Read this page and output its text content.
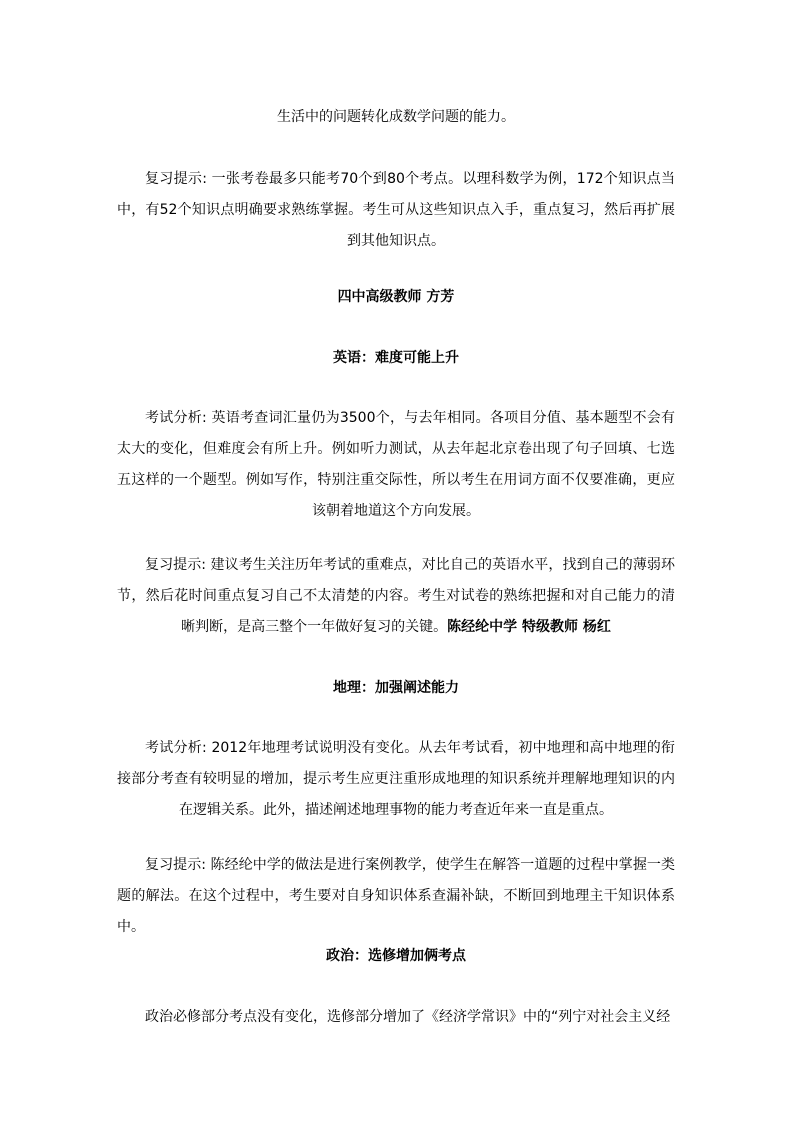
生活中的问题转化成数学问题的能力。

复习提示: 一张考卷最多只能考70个到80个考点。以理科数学为例，172个知识点当中，有52个知识点明确要求熟练掌握。考生可从这些知识点入手，重点复习，然后再扩展到其他知识点。

四中高级教师 方芳

英语：难度可能上升

考试分析: 英语考查词汇量仍为3500个，与去年相同。各项目分值、基本题型不会有太大的变化，但难度会有所上升。例如听力测试，从去年起北京卷出现了句子回填、七选五这样的一个题型。例如写作，特别注重交际性，所以考生在用词方面不仅要准确，更应该朝着地道这个方向发展。

复习提示: 建议考生关注历年考试的重难点，对比自己的英语水平，找到自己的薄弱环节，然后花时间重点复习自己不太清楚的内容。考生对试卷的熟练把握和对自己能力的清晰判断，是高三整个一年做好复习的关键。陈经纶中学 特级教师 杨红

地理：加强阐述能力

考试分析: 2012年地理考试说明没有变化。从去年考试看，初中地理和高中地理的衔接部分考查有较明显的增加，提示考生应更注重形成地理的知识系统并理解地理知识的内在逻辑关系。此外，描述阐述地理事物的能力考查近年来一直是重点。

复习提示: 陈经纶中学的做法是进行案例教学，使学生在解答一道题的过程中掌握一类题的解法。在这个过程中，考生要对自身知识体系查漏补缺，不断回到地理主干知识体系中。

政治：选修增加俩考点

政治必修部分考点没有变化，选修部分增加了《经济学常识》中的“列宁对社会主义经
